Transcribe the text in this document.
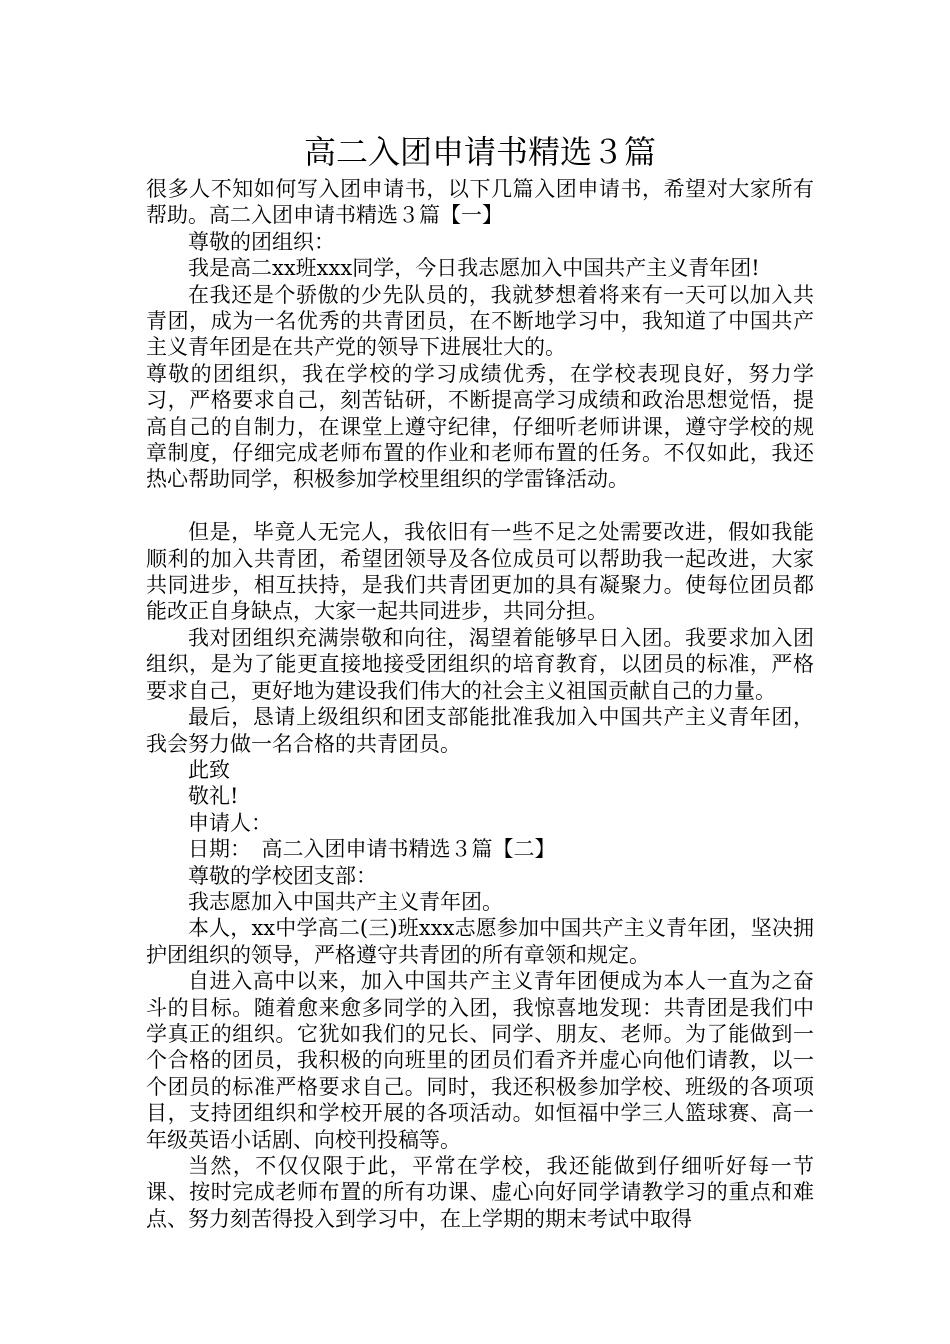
高二入团申请书精选３篇

很多人不知如何写入团申请书，以下几篇入团申请书，希望对大家所有帮助。高二入团申请书精选３篇【一】

尊敬的团组织：

我是高二xx班xxx同学，今日我志愿加入中国共产主义青年团!

在我还是个骄傲的少先队员的，我就梦想着将来有一天可以加入共青团，成为一名优秀的共青团员，在不断地学习中，我知道了中国共产主义青年团是在共产党的领导下进展壮大的。

尊敬的团组织，我在学校的学习成绩优秀，在学校表现良好，努力学习，严格要求自己，刻苦钻研，不断提高学习成绩和政治思想觉悟，提高自己的自制力，在课堂上遵守纪律，仔细听老师讲课，遵守学校的规章制度，仔细完成老师布置的作业和老师布置的任务。不仅如此，我还热心帮助同学，积极参加学校里组织的学雷锋活动。

但是，毕竟人无完人，我依旧有一些不足之处需要改进，假如我能顺利的加入共青团，希望团领导及各位成员可以帮助我一起改进，大家共同进步，相互扶持，是我们共青团更加的具有凝聚力。使每位团员都能改正自身缺点，大家一起共同进步，共同分担。

我对团组织充满崇敬和向往，渴望着能够早日入团。我要求加入团组织，是为了能更直接地接受团组织的培育教育，以团员的标准，严格要求自己，更好地为建设我们伟大的社会主义祖国贡献自己的力量。

最后，恳请上级组织和团支部能批准我加入中国共产主义青年团，我会努力做一名合格的共青团员。

此致

敬礼!

申请人：

日期：　高二入团申请书精选３篇【二】

尊敬的学校团支部：

我志愿加入中国共产主义青年团。

本人，xx中学高二(三)班xxx志愿参加中国共产主义青年团，坚决拥护团组织的领导，严格遵守共青团的所有章领和规定。

自进入高中以来，加入中国共产主义青年团便成为本人一直为之奋斗的目标。随着愈来愈多同学的入团，我惊喜地发现：共青团是我们中学真正的组织。它犹如我们的兄长、同学、朋友、老师。为了能做到一个合格的团员，我积极的向班里的团员们看齐并虚心向他们请教，以一个团员的标准严格要求自己。同时，我还积极参加学校、班级的各项项目，支持团组织和学校开展的各项活动。如恒福中学三人篮球赛、高一年级英语小话剧、向校刊投稿等。

当然，不仅仅限于此，平常在学校，我还能做到仔细听好每一节课、按时完成老师布置的所有功课、虚心向好同学请教学习的重点和难点、努力刻苦得投入到学习中，在上学期的期末考试中取得
